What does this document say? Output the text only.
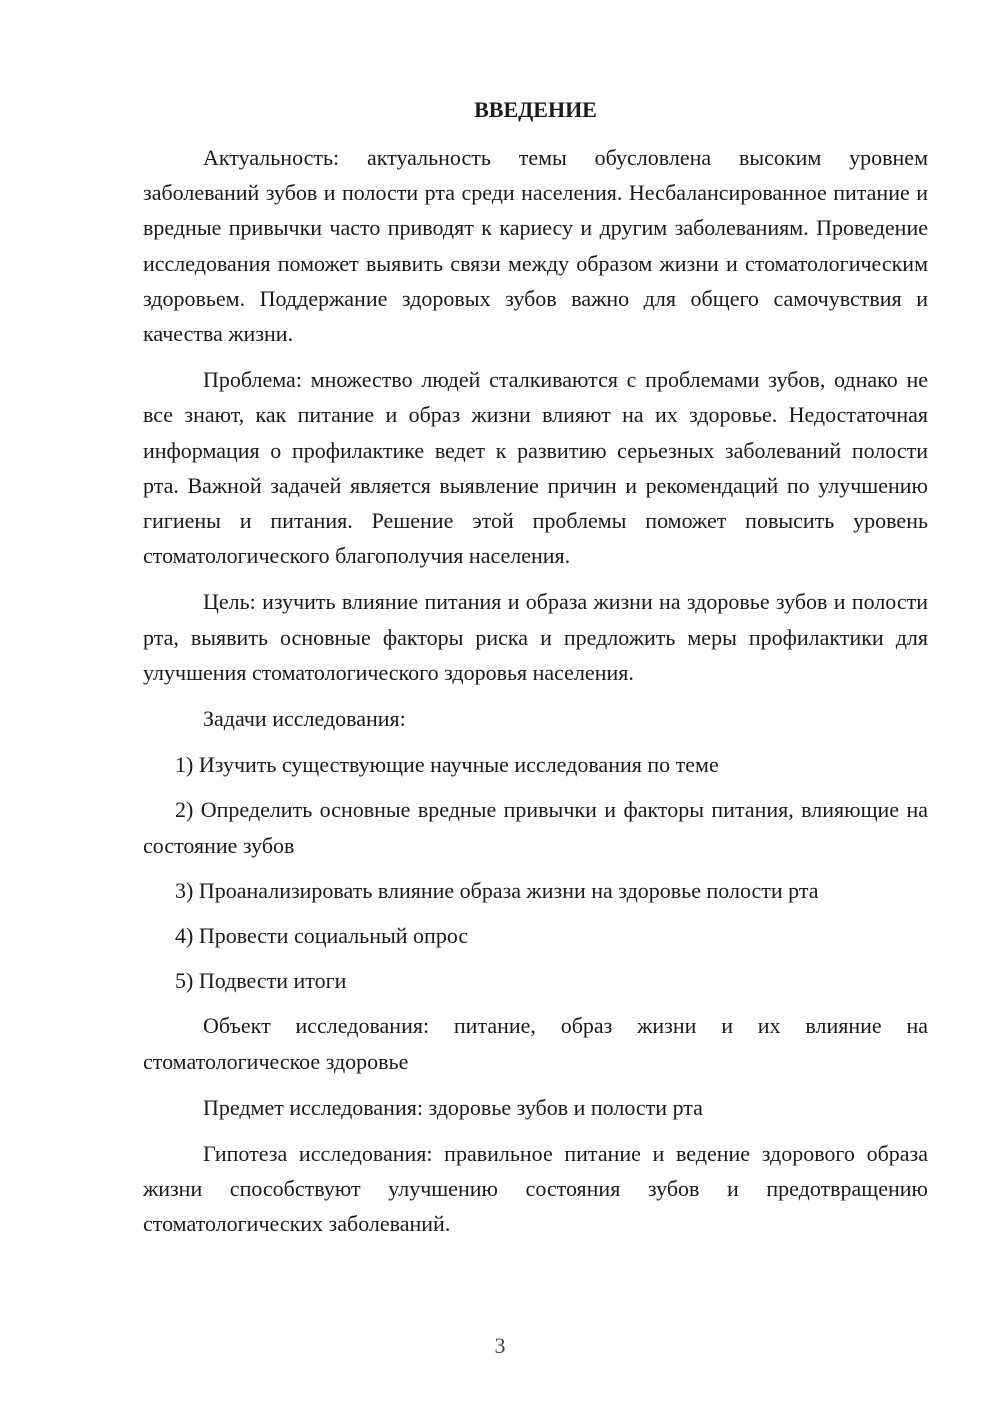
ВВЕДЕНИЕ

Актуальность: актуальность темы обусловлена высоким уровнем заболеваний зубов и полости рта среди населения. Несбалансированное питание и вредные привычки часто приводят к кариесу и другим заболеваниям. Проведение исследования поможет выявить связи между образом жизни и стоматологическим здоровьем. Поддержание здоровых зубов важно для общего самочувствия и качества жизни.

Проблема: множество людей сталкиваются с проблемами зубов, однако не все знают, как питание и образ жизни влияют на их здоровье. Недостаточная информация о профилактике ведет к развитию серьезных заболеваний полости рта. Важной задачей является выявление причин и рекомендаций по улучшению гигиены и питания. Решение этой проблемы поможет повысить уровень стоматологического благополучия населения.

Цель: изучить влияние питания и образа жизни на здоровье зубов и полости рта, выявить основные факторы риска и предложить меры профилактики для улучшения стоматологического здоровья населения.

Задачи исследования:

1) Изучить существующие научные исследования по теме

2) Определить основные вредные привычки и факторы питания, влияющие на состояние зубов

3) Проанализировать влияние образа жизни на здоровье полости рта

4) Провести социальный опрос

5) Подвести итоги

Объект исследования: питание, образ жизни и их влияние на стоматологическое здоровье

Предмет исследования: здоровье зубов и полости рта

Гипотеза исследования: правильное питание и ведение здорового образа жизни способствуют улучшению состояния зубов и предотвращению стоматологических заболеваний.

3
